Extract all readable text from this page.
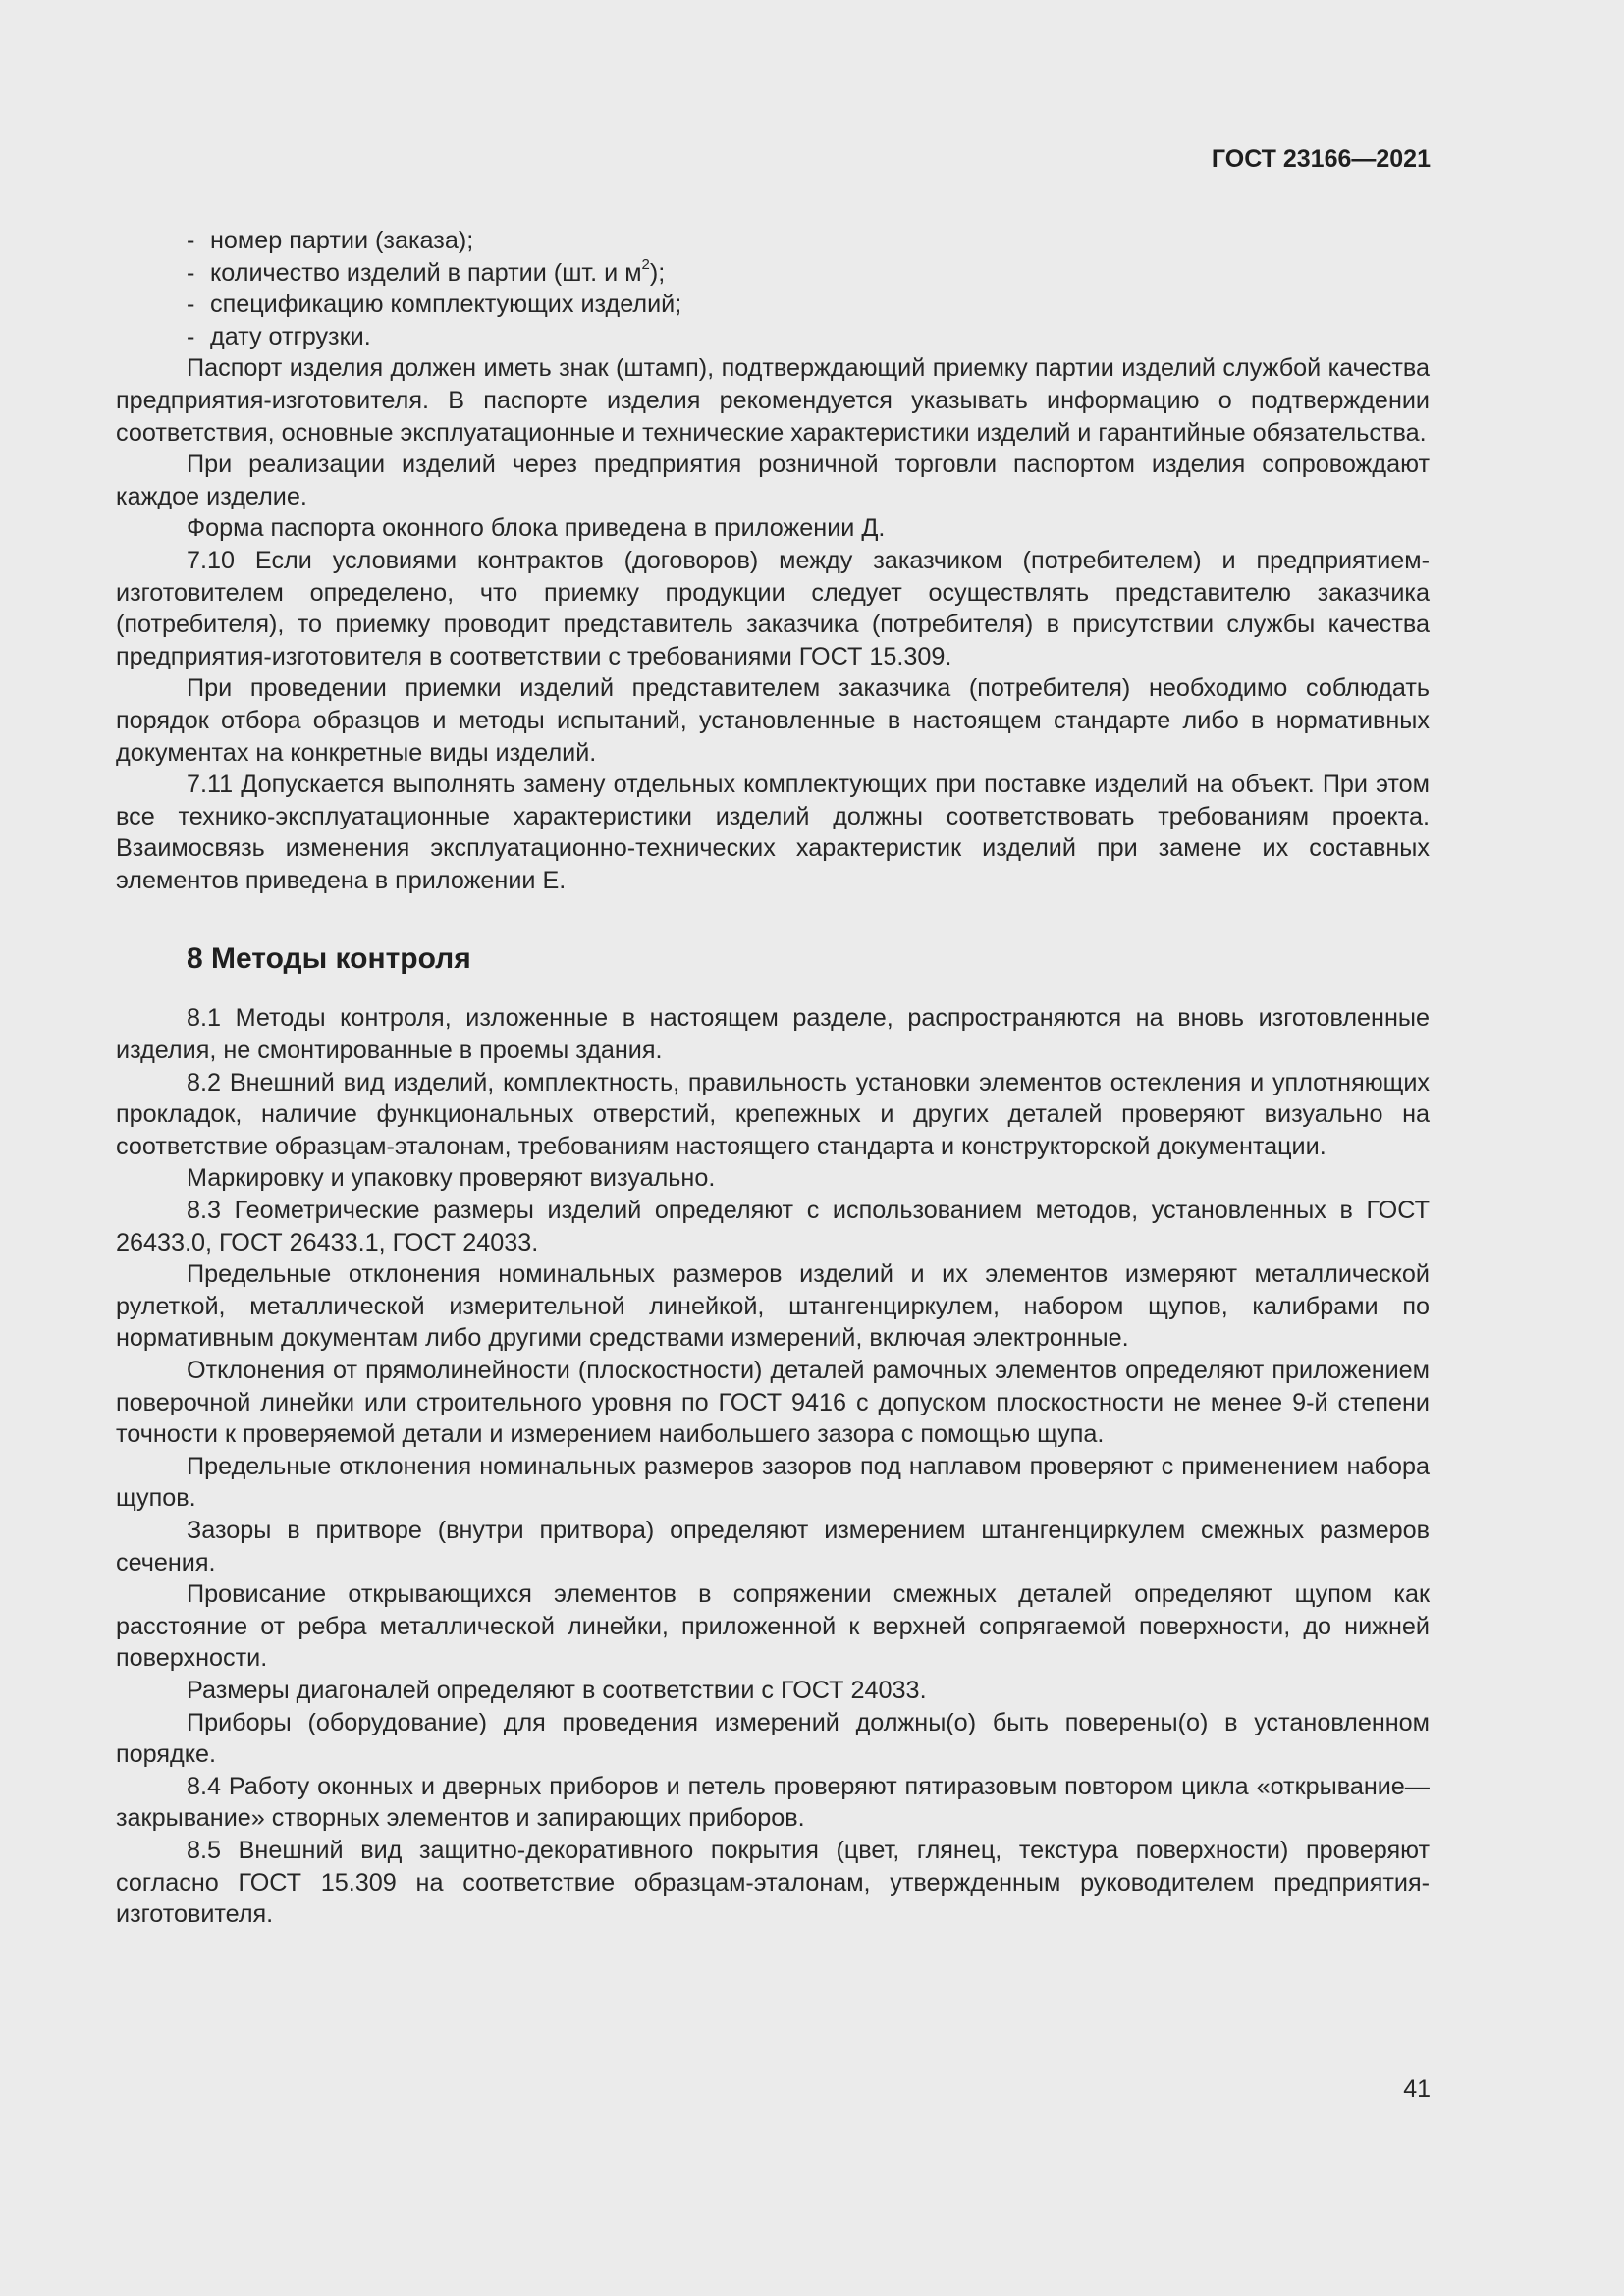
ГОСТ 23166—2021

- номер партии (заказа);

- количество изделий в партии (шт. и $м^2$);

- спецификацию комплектующих изделий;

- дату отгрузки.

Паспорт изделия должен иметь знак (штамп), подтверждающий приемку партии изделий службой качества предприятия-изготовителя. В паспорте изделия рекомендуется указывать информацию о подтверждении соответствия, основные эксплуатационные и технические характеристики изделий и гарантийные обязательства.

При реализации изделий через предприятия розничной торговли паспортом изделия сопровождают каждое изделие.

Форма паспорта оконного блока приведена в приложении Д.

7.10 Если условиями контрактов (договоров) между заказчиком (потребителем) и предприятием-изготовителем определено, что приемку продукции следует осуществлять представителю заказчика (потребителя), то приемку проводит представитель заказчика (потребителя) в присутствии службы качества предприятия-изготовителя в соответствии с требованиями ГОСТ 15.309.

При проведении приемки изделий представителем заказчика (потребителя) необходимо соблюдать порядок отбора образцов и методы испытаний, установленные в настоящем стандарте либо в нормативных документах на конкретные виды изделий.

7.11 Допускается выполнять замену отдельных комплектующих при поставке изделий на объект. При этом все технико-эксплуатационные характеристики изделий должны соответствовать требованиям проекта. Взаимосвязь изменения эксплуатационно-технических характеристик изделий при замене их составных элементов приведена в приложении Е.

8 Методы контроля

8.1 Методы контроля, изложенные в настоящем разделе, распространяются на вновь изготовленные изделия, не смонтированные в проемы здания.

8.2 Внешний вид изделий, комплектность, правильность установки элементов остекления и уплотняющих прокладок, наличие функциональных отверстий, крепежных и других деталей проверяют визуально на соответствие образцам-эталонам, требованиям настоящего стандарта и конструкторской документации.

Маркировку и упаковку проверяют визуально.

8.3 Геометрические размеры изделий определяют с использованием методов, установленных в ГОСТ 26433.0, ГОСТ 26433.1, ГОСТ 24033.

Предельные отклонения номинальных размеров изделий и их элементов измеряют металлической рулеткой, металлической измерительной линейкой, штангенциркулем, набором щупов, калибрами по нормативным документам либо другими средствами измерений, включая электронные.

Отклонения от прямолинейности (плоскостности) деталей рамочных элементов определяют приложением поверочной линейки или строительного уровня по ГОСТ 9416 с допуском плоскостности не менее 9-й степени точности к проверяемой детали и измерением наибольшего зазора с помощью щупа.

Предельные отклонения номинальных размеров зазоров под наплавом проверяют с применением набора щупов.

Зазоры в притворе (внутри притвора) определяют измерением штангенциркулем смежных размеров сечения.

Провисание открывающихся элементов в сопряжении смежных деталей определяют щупом как расстояние от ребра металлической линейки, приложенной к верхней сопрягаемой поверхности, до нижней поверхности.

Размеры диагоналей определяют в соответствии с ГОСТ 24033.

Приборы (оборудование) для проведения измерений должны(о) быть поверены(о) в установленном порядке.

8.4 Работу оконных и дверных приборов и петель проверяют пятиразовым повтором цикла «открывание—закрывание» створных элементов и запирающих приборов.

8.5 Внешний вид защитно-декоративного покрытия (цвет, глянец, текстура поверхности) проверяют согласно ГОСТ 15.309 на соответствие образцам-эталонам, утвержденным руководителем предприятия-изготовителя.

41
